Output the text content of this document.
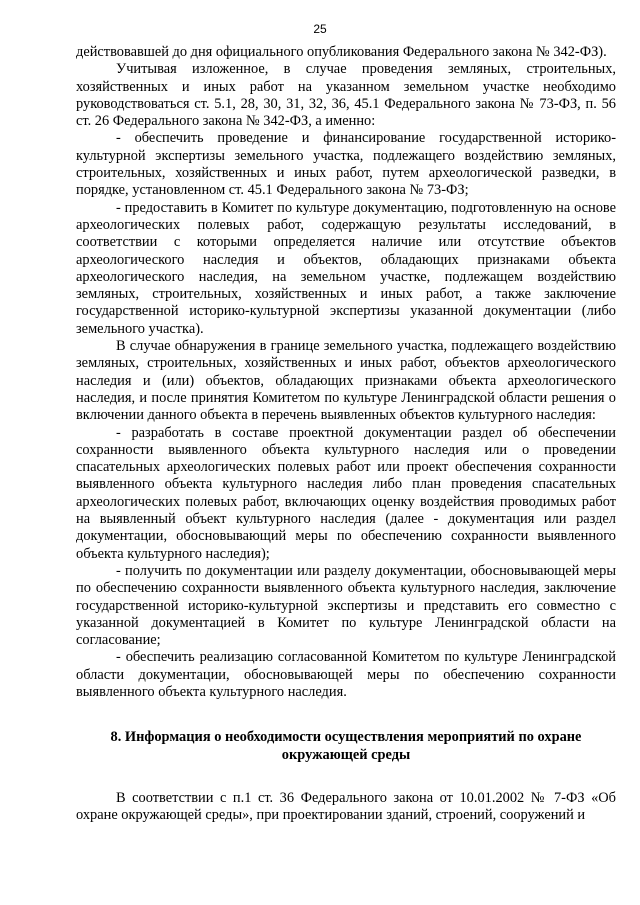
25

действовавшей до дня официального опубликования Федерального закона № 342-ФЗ).

Учитывая изложенное, в случае проведения земляных, строительных, хозяйственных и иных работ на указанном земельном участке необходимо руководствоваться ст. 5.1, 28, 30, 31, 32, 36, 45.1 Федерального закона № 73-ФЗ, п. 56 ст. 26 Федерального закона № 342-ФЗ, а именно:

- обеспечить проведение и финансирование государственной историко-культурной экспертизы земельного участка, подлежащего воздействию земляных, строительных, хозяйственных и иных работ, путем археологической разведки, в порядке, установленном ст. 45.1 Федерального закона № 73-ФЗ;

- предоставить в Комитет по культуре документацию, подготовленную на основе археологических полевых работ, содержащую результаты исследований, в соответствии с которыми определяется наличие или отсутствие объектов археологического наследия и объектов, обладающих признаками объекта археологического наследия, на земельном участке, подлежащем воздействию земляных, строительных, хозяйственных и иных работ, а также заключение государственной историко-культурной экспертизы указанной документации (либо земельного участка).

В случае обнаружения в границе земельного участка, подлежащего воздействию земляных, строительных, хозяйственных и иных работ, объектов археологического наследия и (или) объектов, обладающих признаками объекта археологического наследия, и после принятия Комитетом по культуре Ленинградской области решения о включении данного объекта в перечень выявленных объектов культурного наследия:

- разработать в составе проектной документации раздел об обеспечении сохранности выявленного объекта культурного наследия или о проведении спасательных археологических полевых работ или проект обеспечения сохранности выявленного объекта культурного наследия либо план проведения спасательных археологических полевых работ, включающих оценку воздействия проводимых работ на выявленный объект культурного наследия (далее - документация или раздел документации, обосновывающий меры по обеспечению сохранности выявленного объекта культурного наследия);

- получить по документации или разделу документации, обосновывающей меры по обеспечению сохранности выявленного объекта культурного наследия, заключение государственной историко-культурной экспертизы и представить его совместно с указанной документацией в Комитет по культуре Ленинградской области на согласование;

- обеспечить реализацию согласованной Комитетом по культуре Ленинградской области документации, обосновывающей меры по обеспечению сохранности выявленного объекта культурного наследия.

8. Информация о необходимости осуществления мероприятий по охране окружающей среды

В соответствии с п.1 ст. 36 Федерального закона от 10.01.2002 № 7-ФЗ «Об охране окружающей среды», при проектировании зданий, строений, сооружений и
